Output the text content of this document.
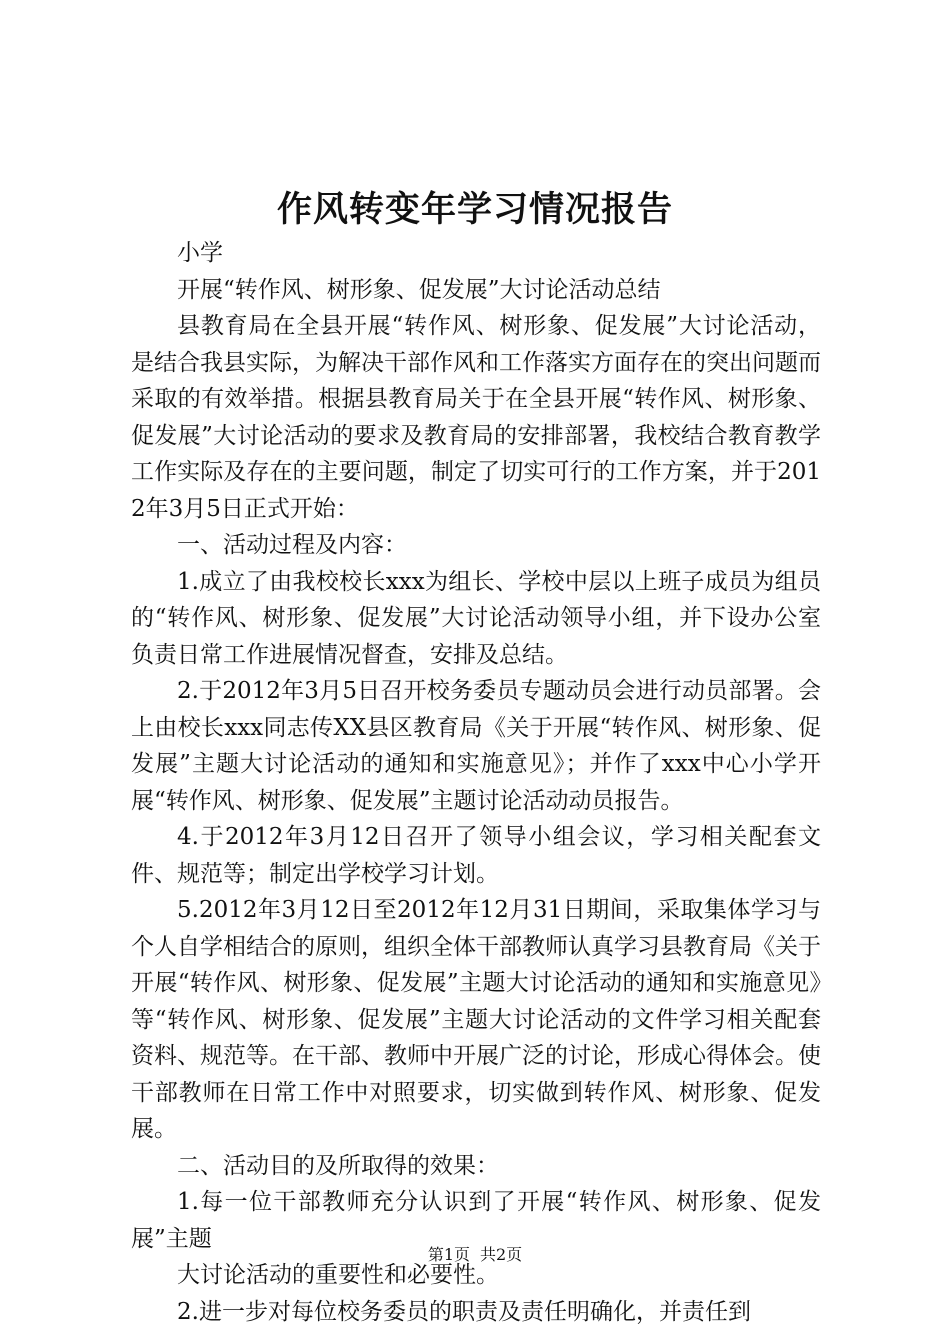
作风转变年学习情况报告

小学

开展“转作风、树形象、促发展”大讨论活动总结

县教育局在全县开展“转作风、树形象、促发展”大讨论活动，是结合我县实际，为解决干部作风和工作落实方面存在的突出问题而采取的有效举措。根据县教育局关于在全县开展“转作风、树形象、促发展”大讨论活动的要求及教育局的安排部署，我校结合教育教学工作实际及存在的主要问题，制定了切实可行的工作方案，并于2012年3月5日正式开始：

一、活动过程及内容：

1.成立了由我校校长xxx为组长、学校中层以上班子成员为组员的“转作风、树形象、促发展”大讨论活动领导小组，并下设办公室负责日常工作进展情况督查，安排及总结。

2.于2012年3月5日召开校务委员专题动员会进行动员部署。会上由校长xxx同志传XX县区教育局《关于开展“转作风、树形象、促发展”主题大讨论活动的通知和实施意见》；并作了xxx中心小学开展“转作风、树形象、促发展”主题讨论活动动员报告。

4.于2012年3月12日召开了领导小组会议，学习相关配套文件、规范等；制定出学校学习计划。

5.2012年3月12日至2012年12月31日期间，采取集体学习与个人自学相结合的原则，组织全体干部教师认真学习县教育局《关于开展“转作风、树形象、促发展”主题大讨论活动的通知和实施意见》等“转作风、树形象、促发展”主题大讨论活动的文件学习相关配套资料、规范等。在干部、教师中开展广泛的讨论，形成心得体会。使干部教师在日常工作中对照要求，切实做到转作风、树形象、促发展。

二、活动目的及所取得的效果：

1.每一位干部教师充分认识到了开展“转作风、树形象、促发展”主题

大讨论活动的重要性和必要性。

2.进一步对每位校务委员的职责及责任明确化，并责任到

第1页 共2页
